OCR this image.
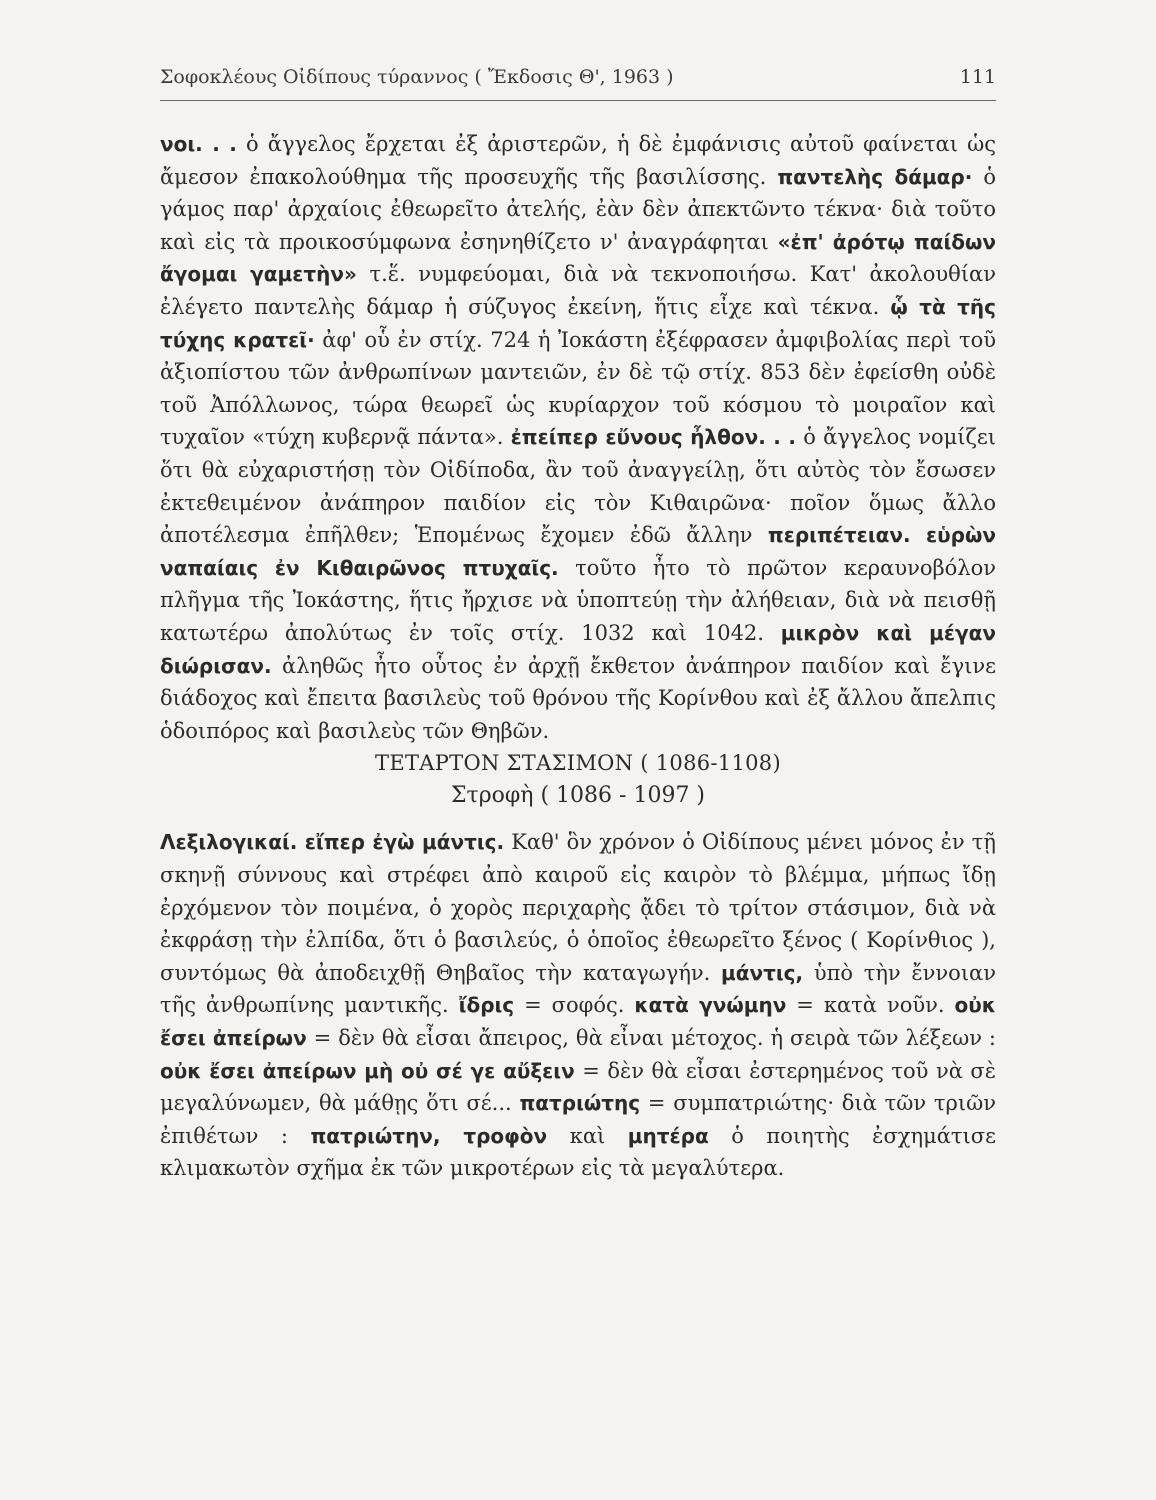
Σοφοκλέους Οἰδίπους τύραννος ( Ἔκδοσις Θ', 1963 )	111

νοι. . . ὁ ἄγγελος ἔρχεται ἐξ ἀριστερῶν, ἡ δὲ ἐμφάνισις αὐτοῦ φαίνεται ὡς ἄμεσον ἐπακολούθημα τῆς προσευχῆς τῆς βασιλίσσης. παντελὴς δάμαρ· ὁ γάμος παρ' ἀρχαίοις ἐθεωρεῖτο ἀτελής, ἐὰν δὲν ἀπεκτῶντο τέκνα· διὰ τοῦτο καὶ εἰς τὰ προικοσύμφωνα ἐσηνηθίζετο ν' ἀναγράφηται «ἐπ' ἀρότῳ παίδων ἄγομαι γαμετὴν» τ.ἕ. νυμφεύομαι, διὰ νὰ τεκνοποιήσω. Κατ' ἀκολουθίαν ἐλέγετο παντελὴς δάμαρ ἡ σύζυγος ἐκείνη, ἥτις εἶχε καὶ τέκνα. ᾧ τὰ τῆς τύχης κρατεῖ· ἀφ' οὗ ἐν στίχ. 724 ἡ Ἰοκάστη ἐξέφρασεν ἀμφιβολίας περὶ τοῦ ἀξιοπίστου τῶν ἀνθρωπίνων μαντειῶν, ἐν δὲ τῷ στίχ. 853 δὲν ἐφείσθη οὐδὲ τοῦ Ἀπόλλωνος, τώρα θεωρεῖ ὡς κυρίαρχον τοῦ κόσμου τὸ μοιραῖον καὶ τυχαῖον «τύχη κυβερνᾷ πάντα». ἐπείπερ εὔνους ἦλθον. . . ὁ ἄγγελος νομίζει ὅτι θὰ εὐχαριστήσῃ τὸν Οἰδίποδα, ἂν τοῦ ἀναγγείλῃ, ὅτι αὐτὸς τὸν ἔσωσεν ἐκτεθειμένον ἀνάπηρον παιδίον εἰς τὸν Κιθαιρῶνα· ποῖον ὅμως ἄλλο ἀποτέλεσμα ἐπῆλθεν; Ἑπομένως ἔχομεν ἐδῶ ἄλλην περιπέτειαν. εὑρὼν ναπαίαις ἐν Κιθαιρῶνος πτυχαῖς. τοῦτο ἦτο τὸ πρῶτον κεραυνοβόλον πλῆγμα τῆς Ἰοκάστης, ἥτις ἤρχισε νὰ ὑποπτεύῃ τὴν ἀλήθειαν, διὰ νὰ πεισθῇ κατωτέρω ἀπολύτως ἐν τοῖς στίχ. 1032 καὶ 1042. μικρὸν καὶ μέγαν διώρισαν. ἀληθῶς ἦτο οὗτος ἐν ἀρχῇ ἔκθετον ἀνάπηρον παιδίον καὶ ἔγινε διάδοχος καὶ ἔπειτα βασιλεὺς τοῦ θρόνου τῆς Κορίνθου καὶ ἐξ ἄλλου ἄπελπις ὁδοιπόρος καὶ βασιλεὺς τῶν Θηβῶν.

ΤΕΤΑΡΤΟΝ ΣΤΑΣΙΜΟΝ ( 1086-1108)

Στροφὴ ( 1086 - 1097 )

Λεξιλογικαί. εἴπερ ἐγὼ μάντις. Καθ' ὃν χρόνον ὁ Οἰδίπους μένει μόνος ἐν τῇ σκηνῇ σύννους καὶ στρέφει ἀπὸ καιροῦ εἰς καιρὸν τὸ βλέμμα, μήπως ἴδῃ ἐρχόμενον τὸν ποιμένα, ὁ χορὸς περιχαρὴς ᾄδει τὸ τρίτον στάσιμον, διὰ νὰ ἐκφράσῃ τὴν ἐλπίδα, ὅτι ὁ βασιλεύς, ὁ ὁποῖος ἐθεωρεῖτο ξένος ( Κορίνθιος ), συντόμως θὰ ἀποδειχθῇ Θηβαῖος τὴν καταγωγήν. μάντις, ὑπὸ τὴν ἔννοιαν τῆς ἀνθρωπίνης μαντικῆς. ἴδρις = σοφός. κατὰ γνώμην = κατὰ νοῦν. οὐκ ἔσει ἀπείρων = δὲν θὰ εἶσαι ἄπειρος, θὰ εἶναι μέτοχος. ἡ σειρὰ τῶν λέξεων : οὐκ ἔσει ἀπείρων μὴ οὐ σέ γε αὔξειν = δὲν θὰ εἶσαι ἐστερημένος τοῦ νὰ σὲ μεγαλύνωμεν, θὰ μάθῃς ὅτι σέ... πατριώτης = συμπατριώτης· διὰ τῶν τριῶν ἐπιθέτων : πατριώτην, τροφὸν καὶ μητέρα ὁ ποιητὴς ἐσχημάτισε κλιμακωτὸν σχῆμα ἐκ τῶν μικροτέρων εἰς τὰ μεγαλύτερα.
